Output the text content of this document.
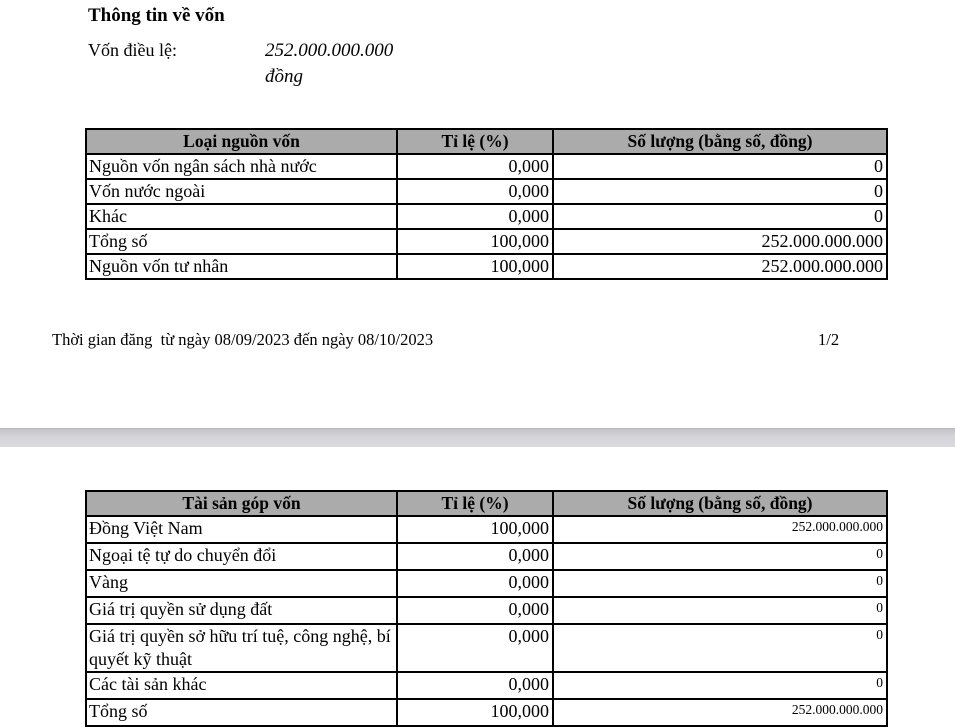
Thông tin về vốn
Vốn điều lệ:	252.000.000.000
đồng
Loại nguồn vốn	Tỉ lệ (%)	Số lượng (bằng số, đồng)
Nguồn vốn ngân sách nhà nước	0,000	0
Vốn nước ngoài	0,000	0
Khác	0,000	0
Tổng số	100,000	252.000.000.000
Nguồn vốn tư nhân	100,000	252.000.000.000
Thời gian đăng  từ ngày 08/09/2023 đến ngày 08/10/2023	1/2
Tài sản góp vốn	Tỉ lệ (%)	Số lượng (bằng số, đồng)
Đồng Việt Nam	100,000	252.000.000.000
Ngoại tệ tự do chuyển đổi	0,000	0
Vàng	0,000	0
Giá trị quyền sử dụng đất	0,000	0
Giá trị quyền sở hữu trí tuệ, công nghệ, bí quyết kỹ thuật	0,000	0
Các tài sản khác	0,000	0
Tổng số	100,000	252.000.000.000
